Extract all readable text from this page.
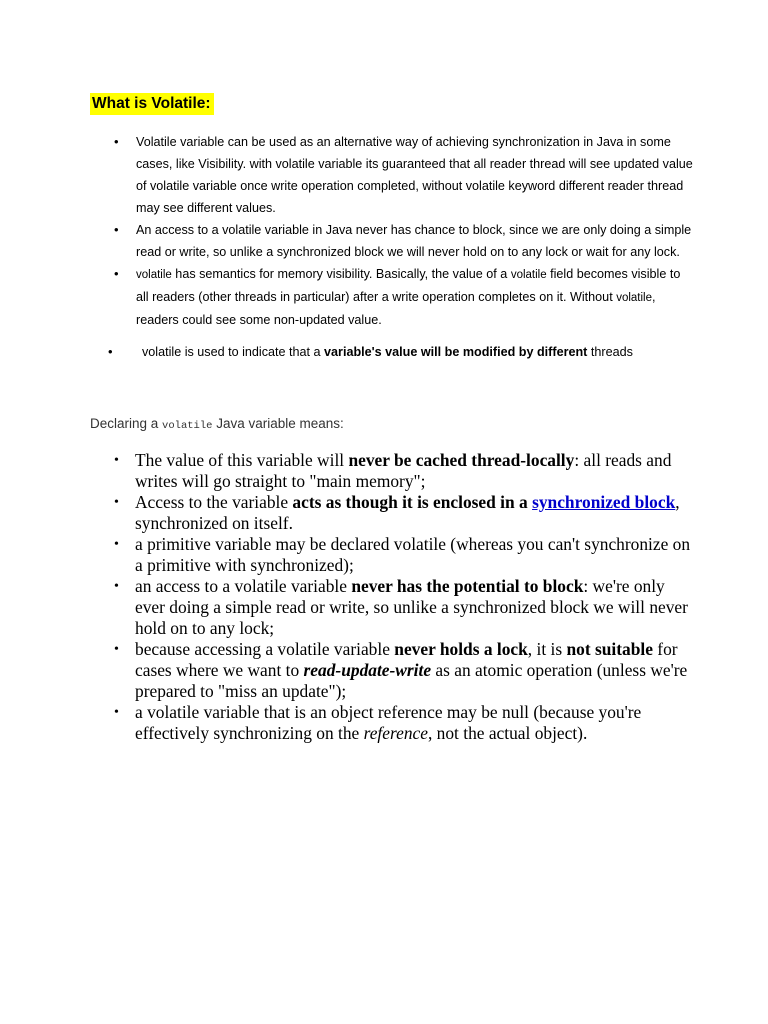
What is Volatile:
• Volatile variable can be used as an alternative way of achieving synchronization in Java in some cases, like Visibility. with volatile variable its guaranteed that all reader thread will see updated value of volatile variable once write operation completed, without volatile keyword different reader thread may see different values.
• An access to a volatile variable in Java never has chance to block, since we are only doing a simple read or write, so unlike a synchronized block we will never hold on to any lock or wait for any lock.
• volatile has semantics for memory visibility. Basically, the value of a volatile field becomes visible to all readers (other threads in particular) after a write operation completes on it. Without volatile, readers could see some non-updated value.
• volatile is used to indicate that a variable's value will be modified by different threads
Declaring a volatile Java variable means:
• The value of this variable will never be cached thread-locally: all reads and writes will go straight to "main memory";
• Access to the variable acts as though it is enclosed in a synchronized block, synchronized on itself.
• a primitive variable may be declared volatile (whereas you can't synchronize on a primitive with synchronized);
• an access to a volatile variable never has the potential to block: we're only ever doing a simple read or write, so unlike a synchronized block we will never hold on to any lock;
• because accessing a volatile variable never holds a lock, it is not suitable for cases where we want to read-update-write as an atomic operation (unless we're prepared to "miss an update");
• a volatile variable that is an object reference may be null (because you're effectively synchronizing on the reference, not the actual object).
